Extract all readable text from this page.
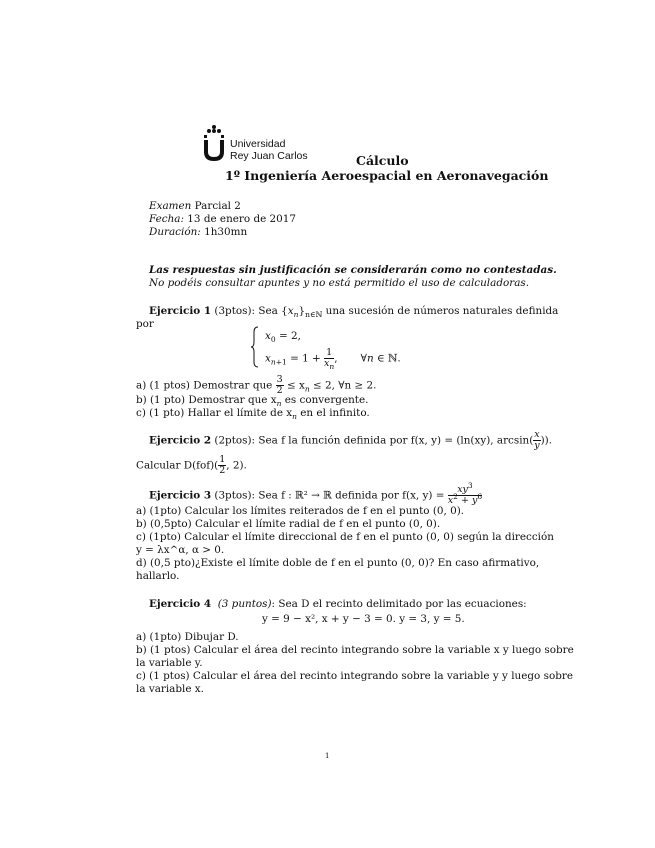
Universidad
Rey Juan Carlos	Cálculo
1º Ingeniería Aeroespacial en Aeronavegación
Examen Parcial 2
Fecha: 13 de enero de 2017
Duración: 1h30mn
Las respuestas sin justificación se considerarán como no contestadas.
No podéis consultar apuntes y no está permitido el uso de calculadoras.
Ejercicio 1 (3ptos): Sea $\{x_n\}_{n\in ℕ}$ una sucesión de números naturales definida
por
$x_0 = 2$,
$x_{n+1} = 1 + \frac{1}{x_n}$ ,       ∀n ∈ ℕ.
a) (1 ptos) Demostrar que $\frac{3}{2} \le x_n \le 2$, ∀n ≥ 2.
b) (1 pto) Demostrar que $x_n$ es convergente.
c) (1 pto) Hallar el límite de $x_n$ en el infinito.
Ejercicio 2 (2ptos): Sea f la función definida por f(x, y) = (ln(xy), $\arcsin( \frac{x}{y}$ )).
Calcular $D(fof)( \frac{1}{2}$ , 2).
Ejercicio 3 (3ptos): Sea f : ℝ² → ℝ definida por f(x, $y) = \frac{xy^3}{x^2 + y^6}$
a) (1pto) Calcular los límites reiterados de f en el punto (0, 0).
b) (0,5pto) Calcular el límite radial de f en el punto (0, 0).
c) (1pto) Calcular el límite direccional de f en el punto (0, 0) según la dirección
y = λx^α, α > 0.
d) (0,5 pto)¿Existe el límite doble de f en el punto (0, 0)? En caso afirmativo,
hallarlo.
Ejercicio 4 (3 puntos): Sea D el recinto delimitado por las ecuaciones:
y = 9 − x², x + y − 3 = 0. y = 3, y = 5.
a) (1pto) Dibujar D.
b) (1 ptos) Calcular el área del recinto integrando sobre la variable x y luego sobre
la variable y.
c) (1 ptos) Calcular el área del recinto integrando sobre la variable y y luego sobre
la variable x.
1
